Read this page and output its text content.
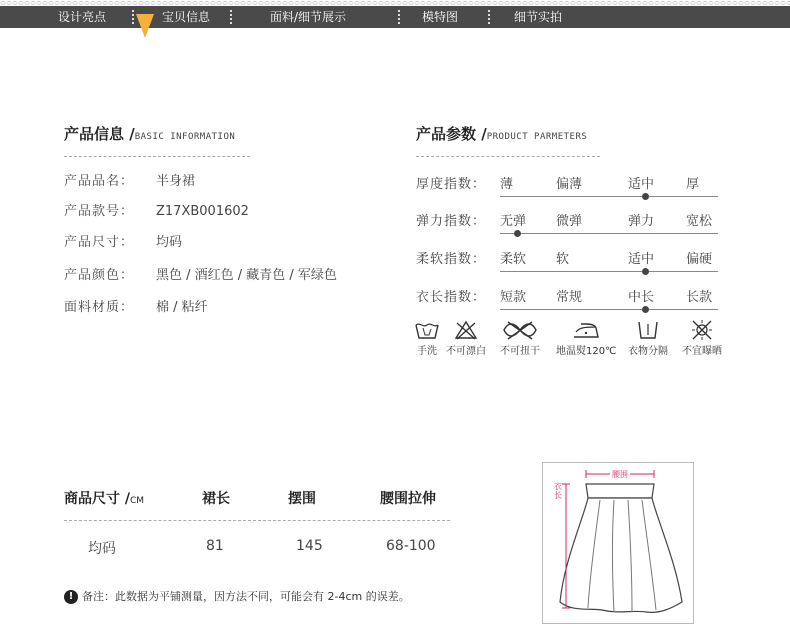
设计亮点	宝贝信息	面料/细节展示	模特图	细节实拍
产品信息 /BASIC INFORMATION
产品品名： 半身裙
产品款号： Z17XB001602
产品尺寸： 均码
产品颜色： 黑色 / 酒红色 / 藏青色 / 军绿色
面料材质： 棉 / 粘纤
产品参数 /PRODUCT PARMETERS
厚度指数： 薄	偏薄	适中 厚
弹力指数： 无弹 微弹	弹力 宽松
柔软指数： 柔软 软	适中 偏硬
衣长指数： 短款 常规	中长 长款
手洗 不可漂白 不可扭干 地温熨120℃ 衣物分隔 不宜曝晒
商品尺寸 /CM	裙长	摆围	腰围拉伸
均码	81	145	68-100
! 备注：此数据为平铺测量，因方法不同，可能会有 2-4cm 的误差。
腰围
衣长
